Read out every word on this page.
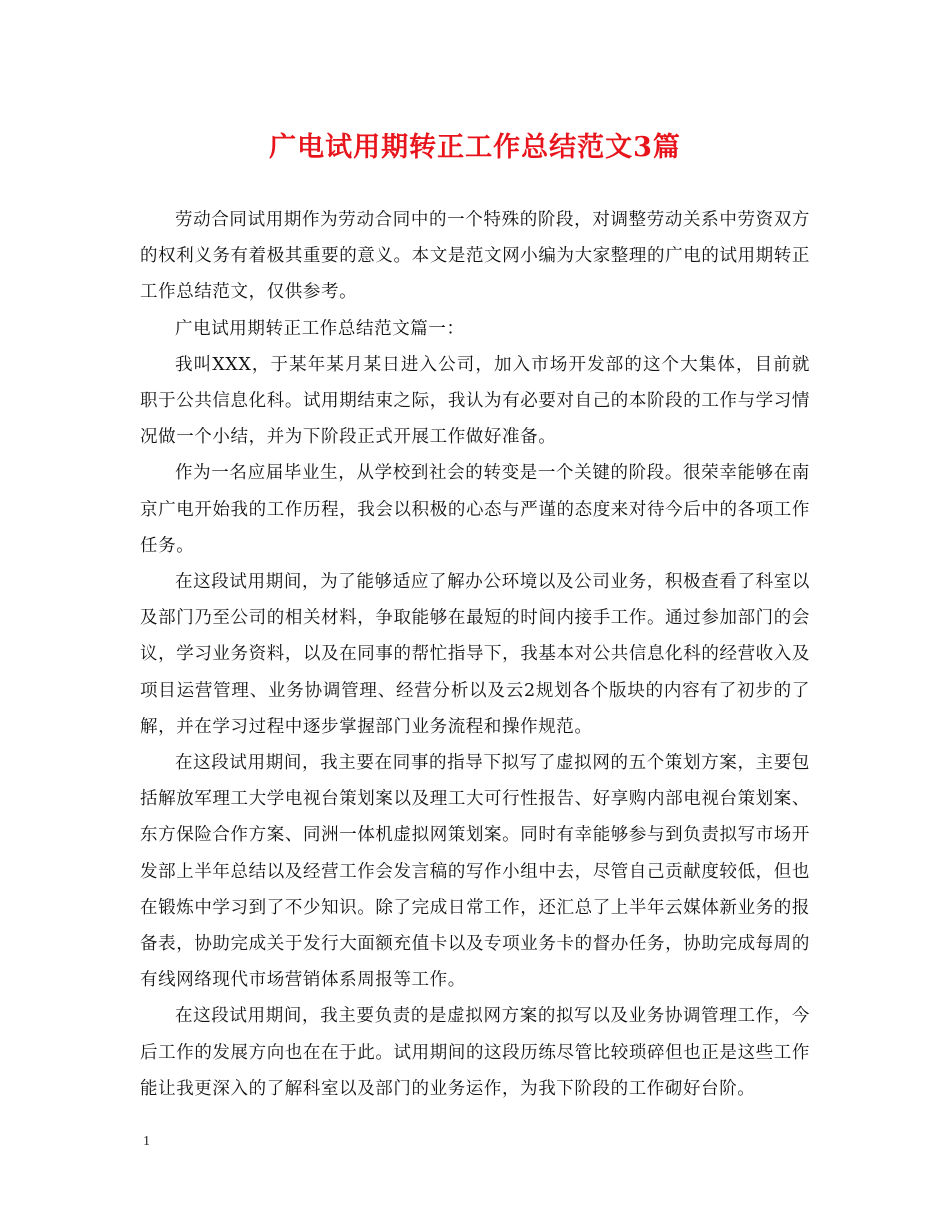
广电试用期转正工作总结范文3篇

劳动合同试用期作为劳动合同中的一个特殊的阶段，对调整劳动关系中劳资双方的权利义务有着极其重要的意义。本文是范文网小编为大家整理的广电的试用期转正工作总结范文，仅供参考。

广电试用期转正工作总结范文篇一：

我叫XXX，于某年某月某日进入公司，加入市场开发部的这个大集体，目前就职于公共信息化科。试用期结束之际，我认为有必要对自己的本阶段的工作与学习情况做一个小结，并为下阶段正式开展工作做好准备。

作为一名应届毕业生，从学校到社会的转变是一个关键的阶段。很荣幸能够在南京广电开始我的工作历程，我会以积极的心态与严谨的态度来对待今后中的各项工作任务。

在这段试用期间，为了能够适应了解办公环境以及公司业务，积极查看了科室以及部门乃至公司的相关材料，争取能够在最短的时间内接手工作。通过参加部门的会议，学习业务资料，以及在同事的帮忙指导下，我基本对公共信息化科的经营收入及项目运营管理、业务协调管理、经营分析以及云2规划各个版块的内容有了初步的了解，并在学习过程中逐步掌握部门业务流程和操作规范。

在这段试用期间，我主要在同事的指导下拟写了虚拟网的五个策划方案，主要包括解放军理工大学电视台策划案以及理工大可行性报告、好享购内部电视台策划案、东方保险合作方案、同洲一体机虚拟网策划案。同时有幸能够参与到负责拟写市场开发部上半年总结以及经营工作会发言稿的写作小组中去，尽管自己贡献度较低，但也在锻炼中学习到了不少知识。除了完成日常工作，还汇总了上半年云媒体新业务的报备表，协助完成关于发行大面额充值卡以及专项业务卡的督办任务，协助完成每周的有线网络现代市场营销体系周报等工作。

在这段试用期间，我主要负责的是虚拟网方案的拟写以及业务协调管理工作，今后工作的发展方向也在在于此。试用期间的这段历练尽管比较琐碎但也正是这些工作能让我更深入的了解科室以及部门的业务运作，为我下阶段的工作砌好台阶。

1
